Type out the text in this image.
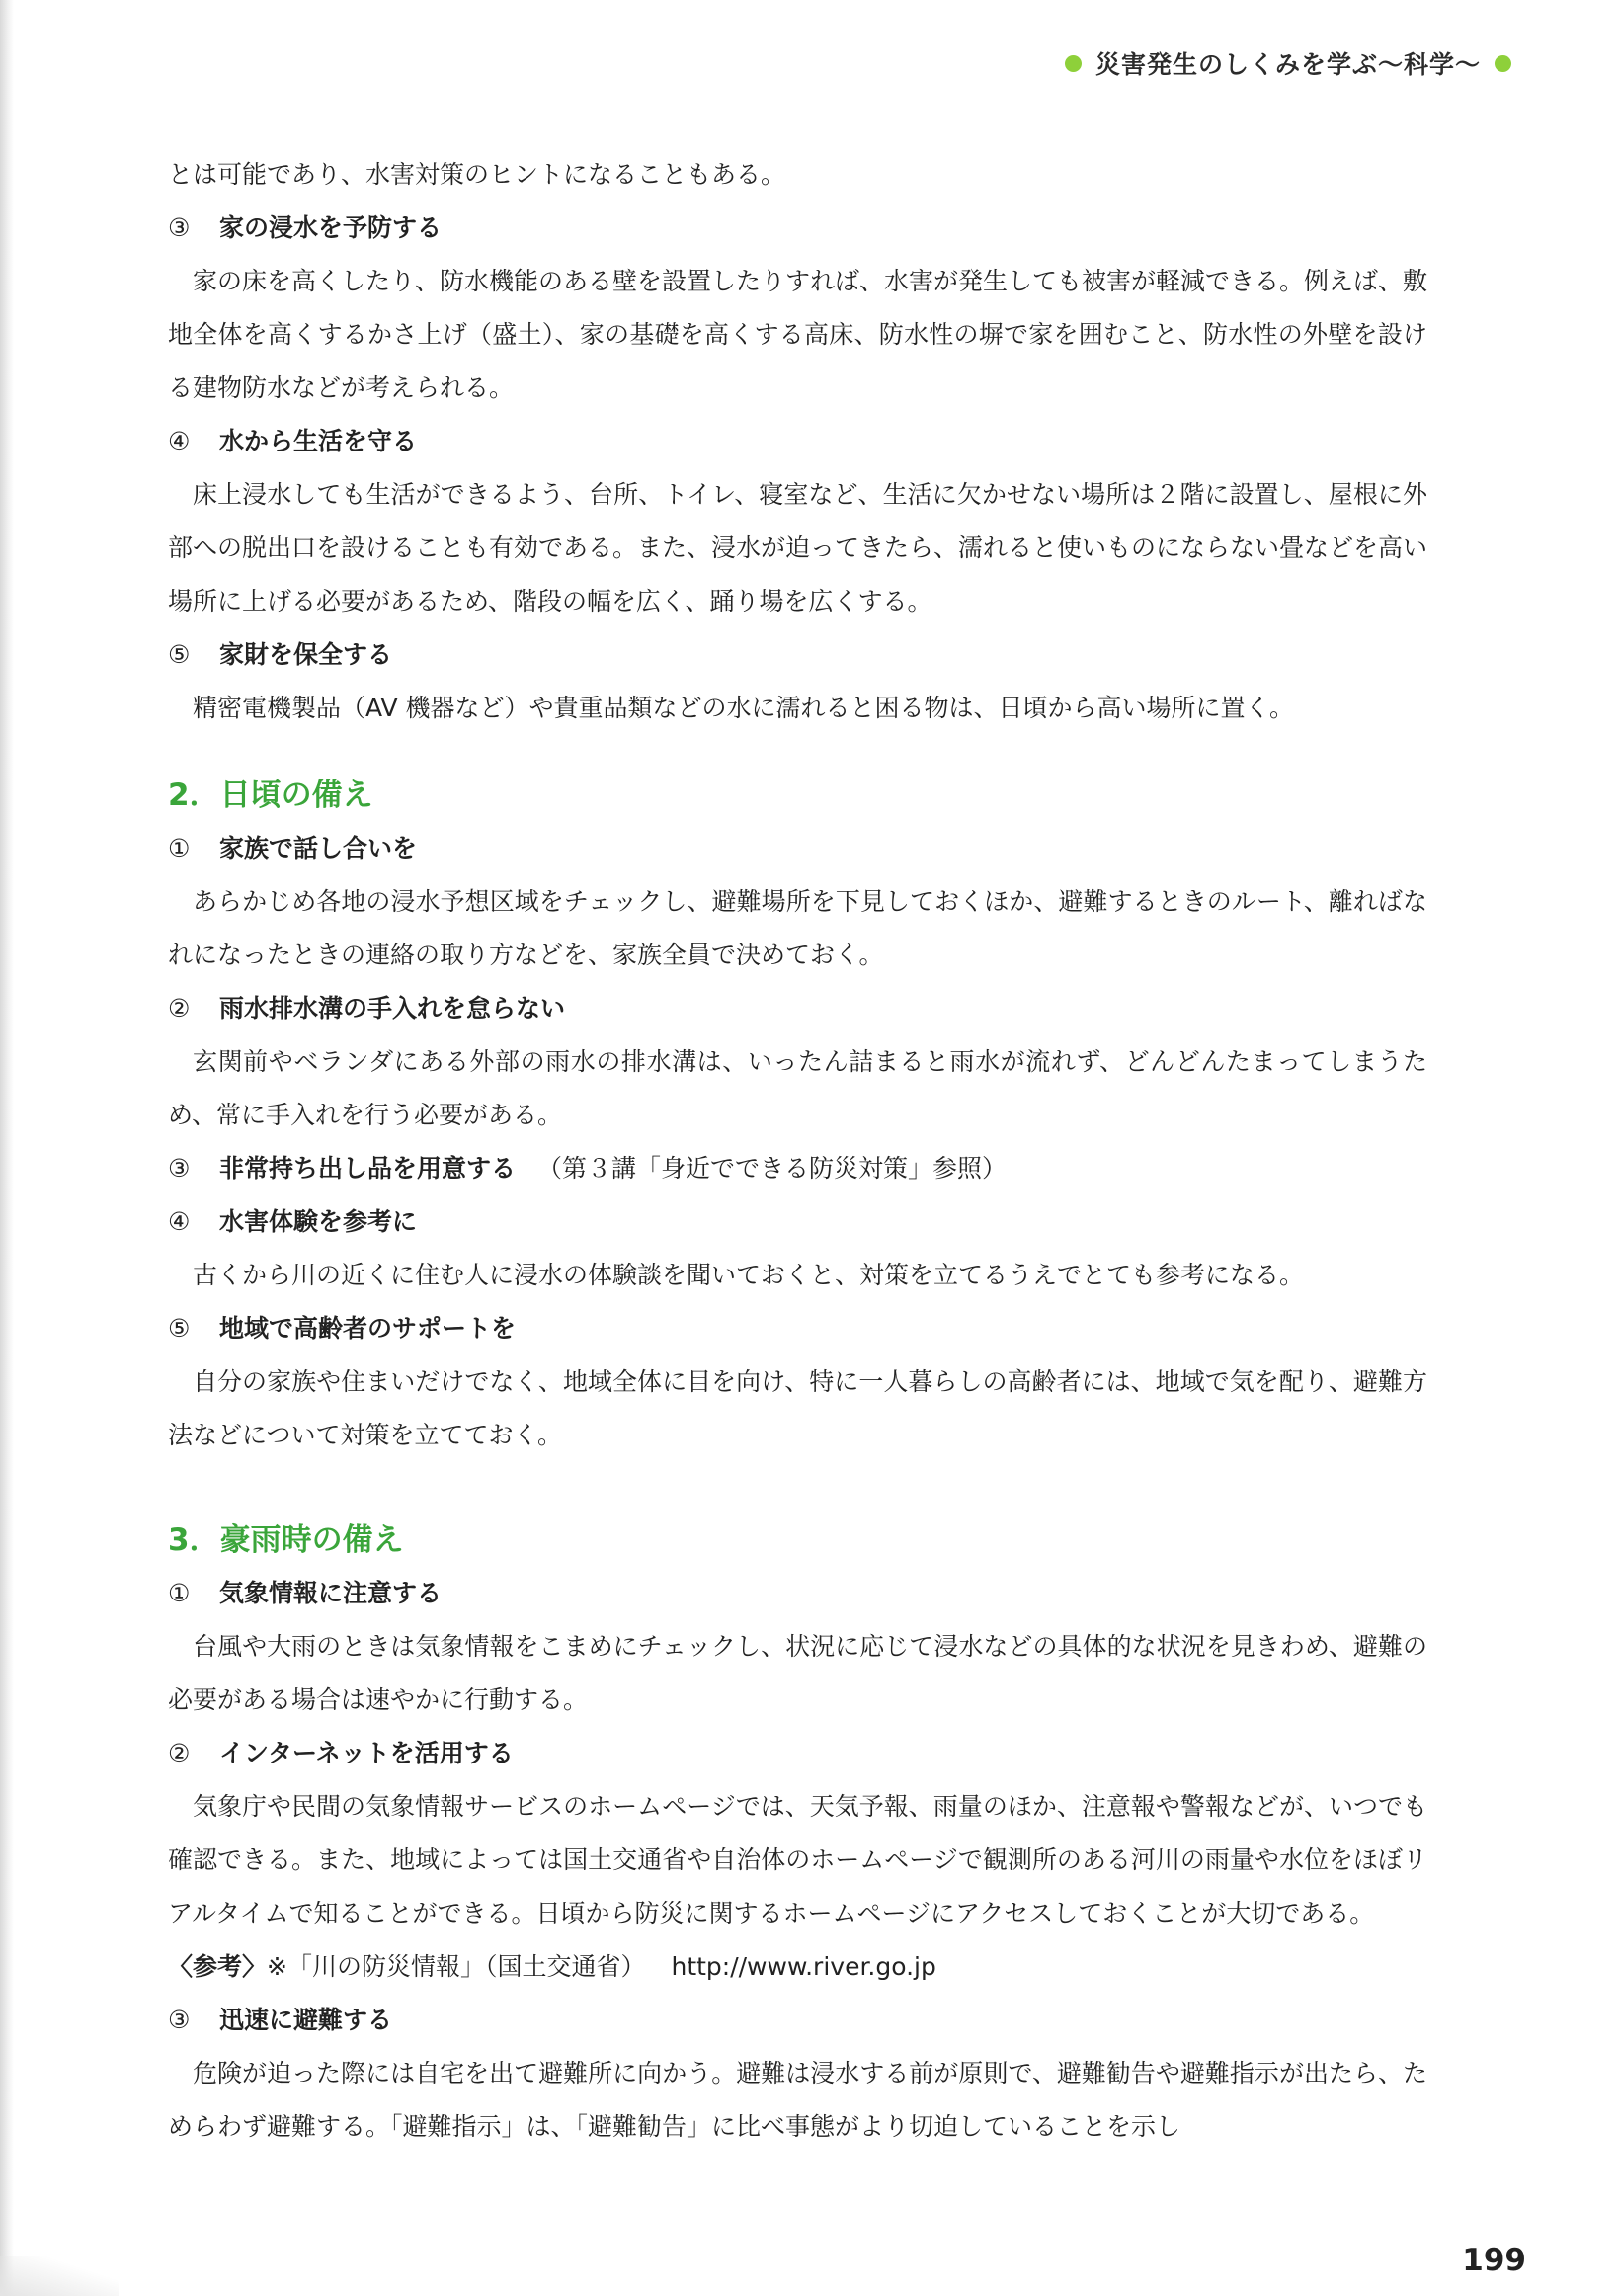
災害発生のしくみを学ぶ～科学～

とは可能であり、水害対策のヒントになることもある。

③	家の浸水を予防する

家の床を高くしたり、防水機能のある壁を設置したりすれば、水害が発生しても被害が軽減できる。例えば、敷地全体を高くするかさ上げ（盛土）、家の基礎を高くする高床、防水性の塀で家を囲むこと、防水性の外壁を設ける建物防水などが考えられる。

④	水から生活を守る

床上浸水しても生活ができるよう、台所、トイレ、寝室など、生活に欠かせない場所は２階に設置し、屋根に外部への脱出口を設けることも有効である。また、浸水が迫ってきたら、濡れると使いものにならない畳などを高い場所に上げる必要があるため、階段の幅を広く、踊り場を広くする。

⑤	家財を保全する

精密電機製品（AV 機器など）や貴重品類などの水に濡れると困る物は、日頃から高い場所に置く。

2．日頃の備え
①	家族で話し合いを

あらかじめ各地の浸水予想区域をチェックし、避難場所を下見しておくほか、避難するときのルート、離ればなれになったときの連絡の取り方などを、家族全員で決めておく。

②	雨水排水溝の手入れを怠らない

玄関前やベランダにある外部の雨水の排水溝は、いったん詰まると雨水が流れず、どんどんたまってしまうため、常に手入れを行う必要がある。

③	非常持ち出し品を用意する （第３講「身近でできる防災対策」参照）
④	水害体験を参考に

古くから川の近くに住む人に浸水の体験談を聞いておくと、対策を立てるうえでとても参考になる。

⑤	地域で高齢者のサポートを

自分の家族や住まいだけでなく、地域全体に目を向け、特に一人暮らしの高齢者には、地域で気を配り、避難方法などについて対策を立てておく。

3．豪雨時の備え
①	気象情報に注意する

台風や大雨のときは気象情報をこまめにチェックし、状況に応じて浸水などの具体的な状況を見きわめ、避難の必要がある場合は速やかに行動する。

②	インターネットを活用する

気象庁や民間の気象情報サービスのホームページでは、天気予報、雨量のほか、注意報や警報などが、いつでも確認できる。また、地域によっては国土交通省や自治体のホームページで観測所のある河川の雨量や水位をほぼリアルタイムで知ることができる。日頃から防災に関するホームページにアクセスしておくことが大切である。

〈参考〉※「川の防災情報」（国土交通省） http://www.river.go.jp

③	迅速に避難する

危険が迫った際には自宅を出て避難所に向かう。避難は浸水する前が原則で、避難勧告や避難指示が出たら、ためらわず避難する。「避難指示」は、「避難勧告」に比べ事態がより切迫していることを示し

199
